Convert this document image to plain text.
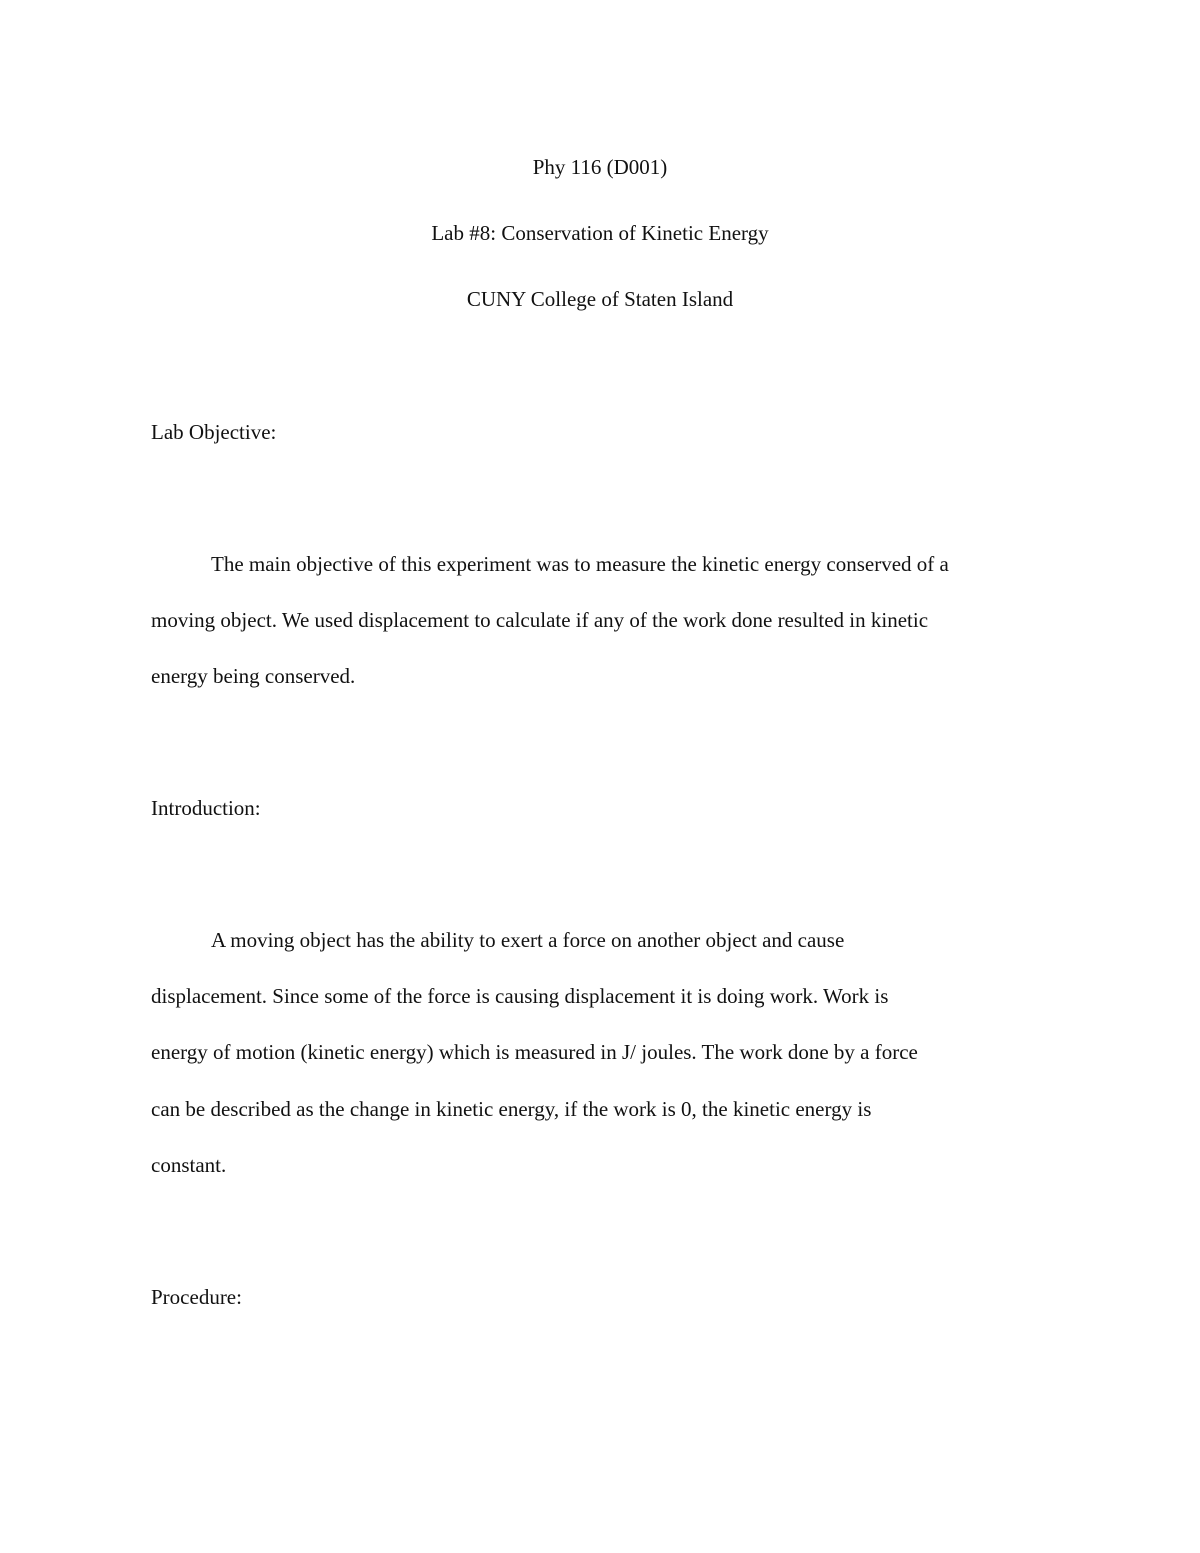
Phy 116 (D001)
Lab #8: Conservation of Kinetic Energy
CUNY College of Staten Island
Lab Objective:
The main objective of this experiment was to measure the kinetic energy conserved of a
moving object. We used displacement to calculate if any of the work done resulted in kinetic
energy being conserved.
Introduction:
A moving object has the ability to exert a force on another object and cause
displacement. Since some of the force is causing displacement it is doing work. Work is
energy of motion (kinetic energy) which is measured in J/ joules. The work done by a force
can be described as the change in kinetic energy, if the work is 0, the kinetic energy is
constant.
Procedure:
